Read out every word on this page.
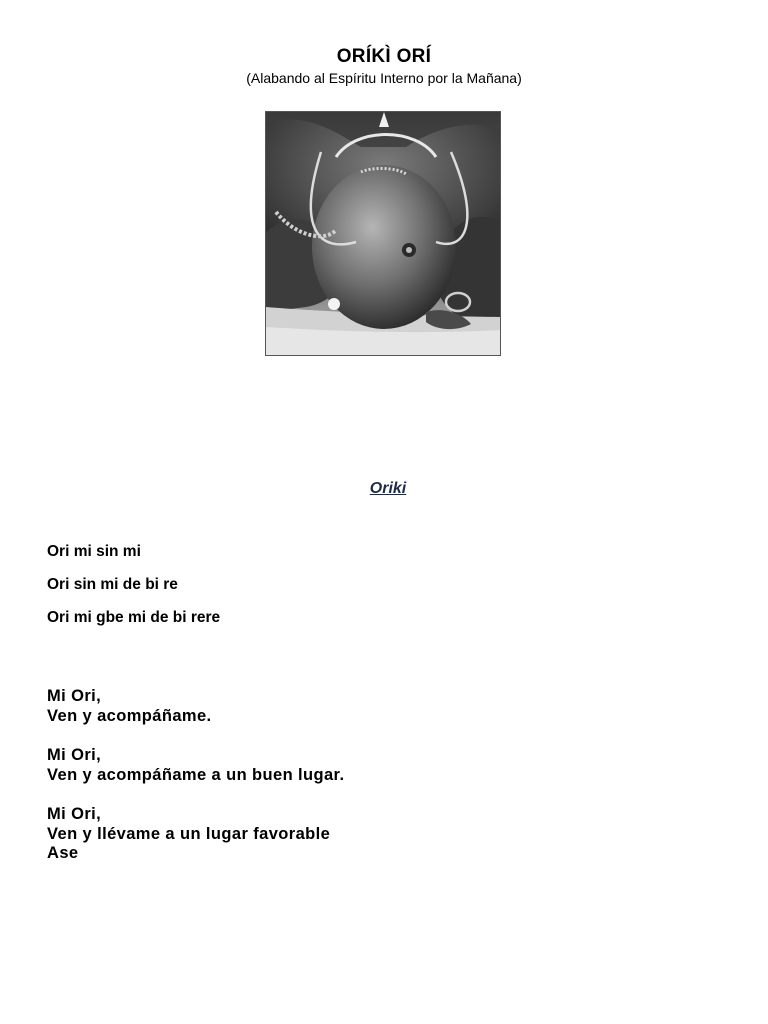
ORÍKÌ ORÍ
(Alabando al Espíritu Interno por la Mañana)
Oriki

Ori mi sin mi

Ori sin mi de bi re

Ori mi gbe mi de bi rere

Mi Ori,
Ven y acompáñame.
Mi Ori,
Ven y acompáñame a un buen lugar.
Mi Ori,
Ven y llévame a un lugar favorable
Ase
